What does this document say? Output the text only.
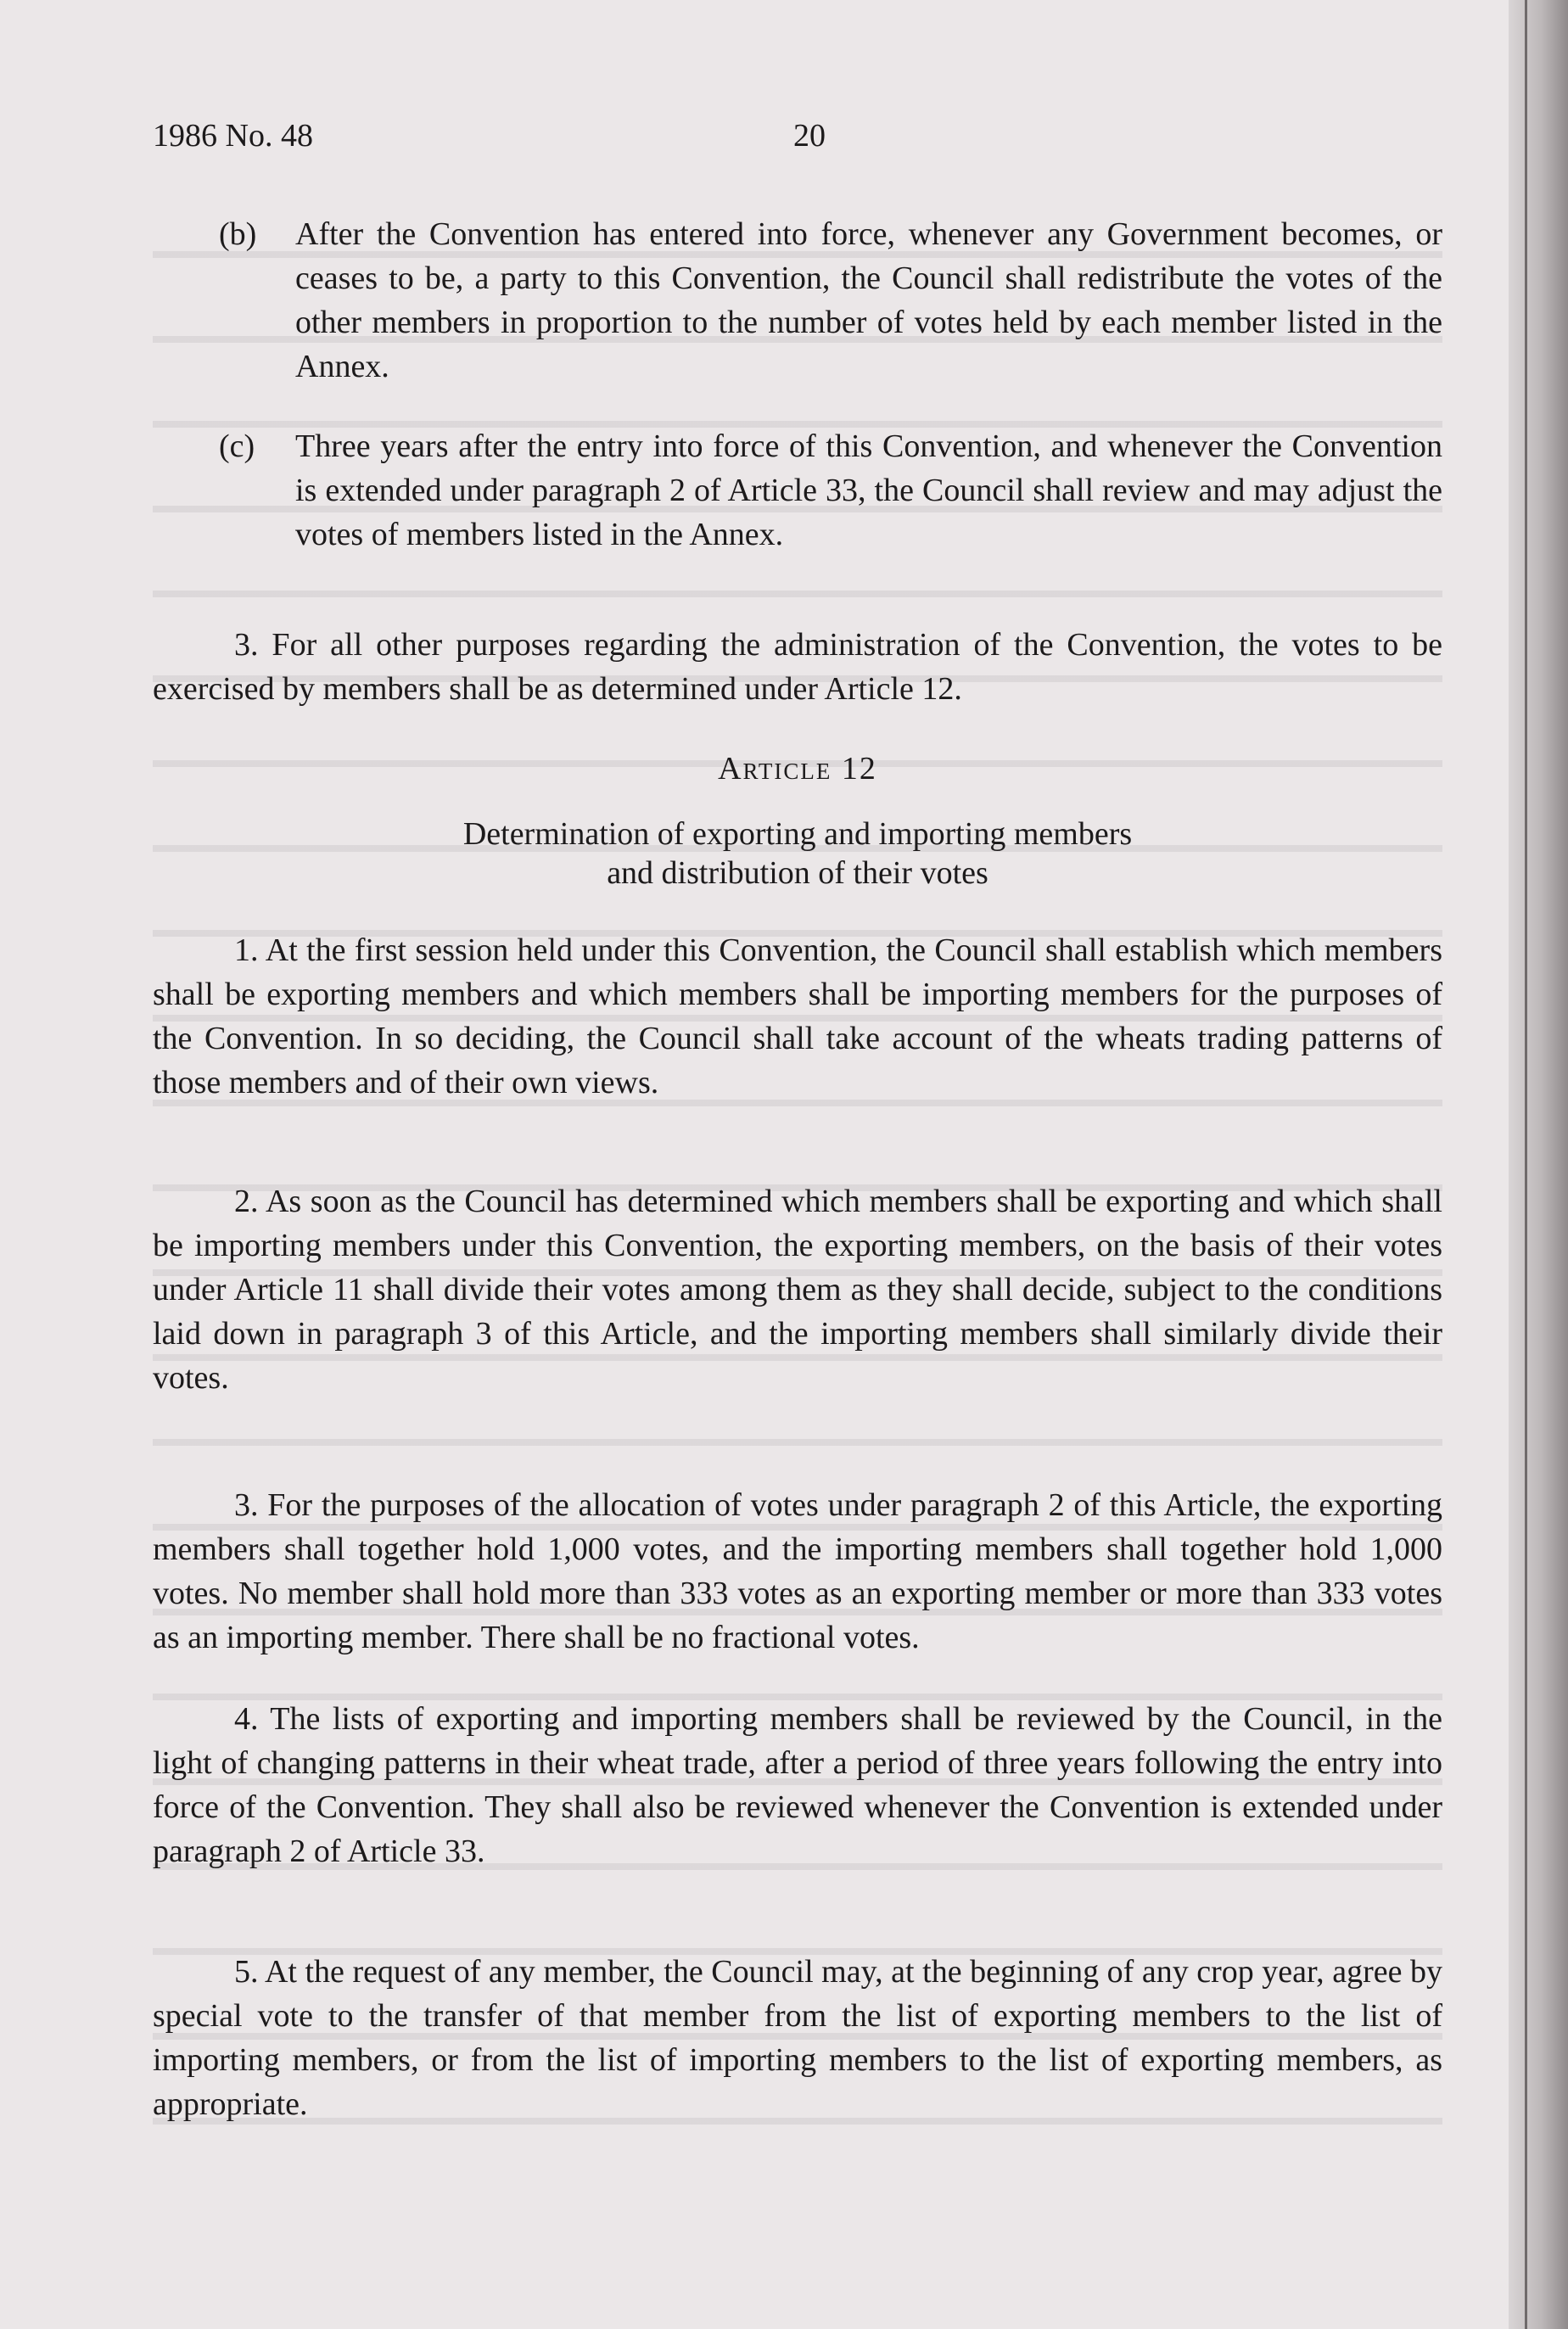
1986 No. 48	20
(b) After the Convention has entered into force, whenever any Government becomes, or ceases to be, a party to this Convention, the Council shall redistribute the votes of the other members in proportion to the number of votes held by each member listed in the Annex.
(c) Three years after the entry into force of this Convention, and whenever the Convention is extended under paragraph 2 of Article 33, the Council shall review and may adjust the votes of members listed in the Annex.
3. For all other purposes regarding the administration of the Convention, the votes to be exercised by members shall be as determined under Article 12.
Article 12
Determination of exporting and importing members
and distribution of their votes
1. At the first session held under this Convention, the Council shall establish which members shall be exporting members and which members shall be importing members for the purposes of the Convention. In so deciding, the Council shall take account of the wheats trading patterns of those members and of their own views.
2. As soon as the Council has determined which members shall be exporting and which shall be importing members under this Convention, the exporting members, on the basis of their votes under Article 11 shall divide their votes among them as they shall decide, subject to the conditions laid down in paragraph 3 of this Article, and the importing members shall similarly divide their votes.
3. For the purposes of the allocation of votes under paragraph 2 of this Article, the exporting members shall together hold 1,000 votes, and the importing members shall together hold 1,000 votes. No member shall hold more than 333 votes as an exporting member or more than 333 votes as an importing member. There shall be no fractional votes.
4. The lists of exporting and importing members shall be reviewed by the Council, in the light of changing patterns in their wheat trade, after a period of three years following the entry into force of the Convention. They shall also be reviewed whenever the Convention is extended under paragraph 2 of Article 33.
5. At the request of any member, the Council may, at the beginning of any crop year, agree by special vote to the transfer of that member from the list of exporting members to the list of importing members, or from the list of importing members to the list of exporting members, as appropriate.
